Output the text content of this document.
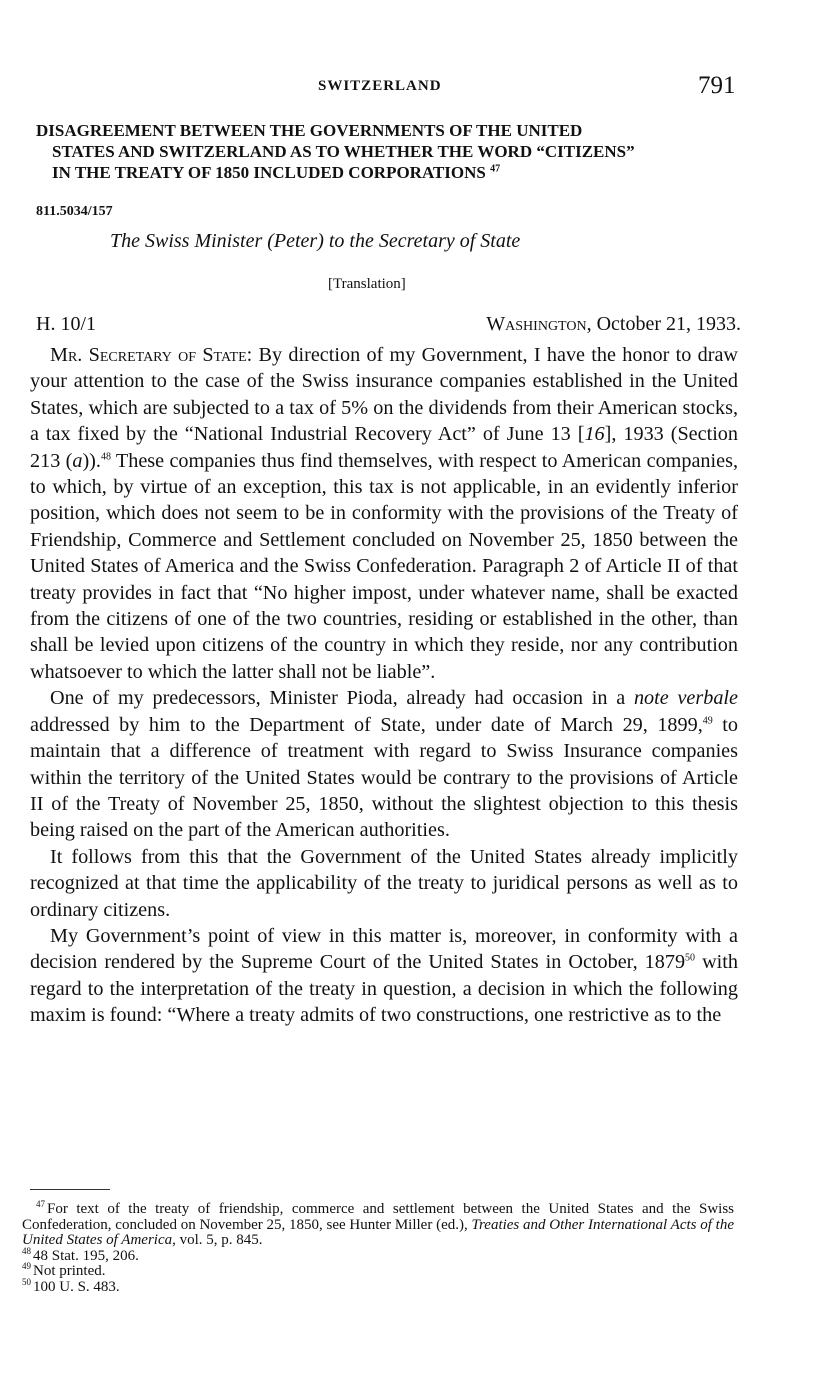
SWITZERLAND	791
DISAGREEMENT BETWEEN THE GOVERNMENTS OF THE UNITED
STATES AND SWITZERLAND AS TO WHETHER THE WORD “CITIZENS”
IN THE TREATY OF 1850 INCLUDED CORPORATIONS $^{47}$
811.5034/157
The Swiss Minister (Peter) to the Secretary of State
[Translation]
H. 10/1	Washington, October 21, 1933.

Mr. Secretary of State: By direction of my Government, I have the honor to draw your attention to the case of the Swiss insurance companies established in the United States, which are subjected to a tax of 5% on the dividends from their American stocks, a tax fixed by the “National Industrial Recovery Act” of June 13 [16], 1933 (Section 213 (a)).$^{48}$ These companies thus find themselves, with respect to American companies, to which, by virtue of an exception, this tax is not applicable, in an evidently inferior position, which does not seem to be in conformity with the provisions of the Treaty of Friendship, Commerce and Settlement concluded on November 25, 1850 between the United States of America and the Swiss Confederation. Paragraph 2 of Article II of that treaty provides in fact that “No higher impost, under whatever name, shall be exacted from the citizens of one of the two countries, residing or established in the other, than shall be levied upon citizens of the country in which they reside, nor any contribution whatsoever to which the latter shall not be liable”.

One of my predecessors, Minister Pioda, already had occasion in a note verbale addressed by him to the Department of State, under date of March 29, 1899,49 to maintain that a difference of treatment with regard to Swiss Insurance companies within the territory of the United States would be contrary to the provisions of Article II of the Treaty of November 25, 1850, without the slightest objection to this thesis being raised on the part of the American authorities.

It follows from this that the Government of the United States already implicitly recognized at that time the applicability of the treaty to juridical persons as well as to ordinary citizens.

My Government’s point of view in this matter is, moreover, in conformity with a decision rendered by the Supreme Court of the United States in October, 1879$^{50}$ with regard to the interpretation of the treaty in question, a decision in which the following maxim is found: “Where a treaty admits of two constructions, one restrictive as to the

$^{47}$ For text of the treaty of friendship, commerce and settlement between the United States and the Swiss Confederation, concluded on November 25, 1850, see Hunter Miller (ed.), Treaties and Other International Acts of the United States of America, vol. 5, p. 845.

$^{48}$ 48 Stat. 195, 206.

$^{49}$ Not printed.

$^{50}$ 100 U. S. 483.
